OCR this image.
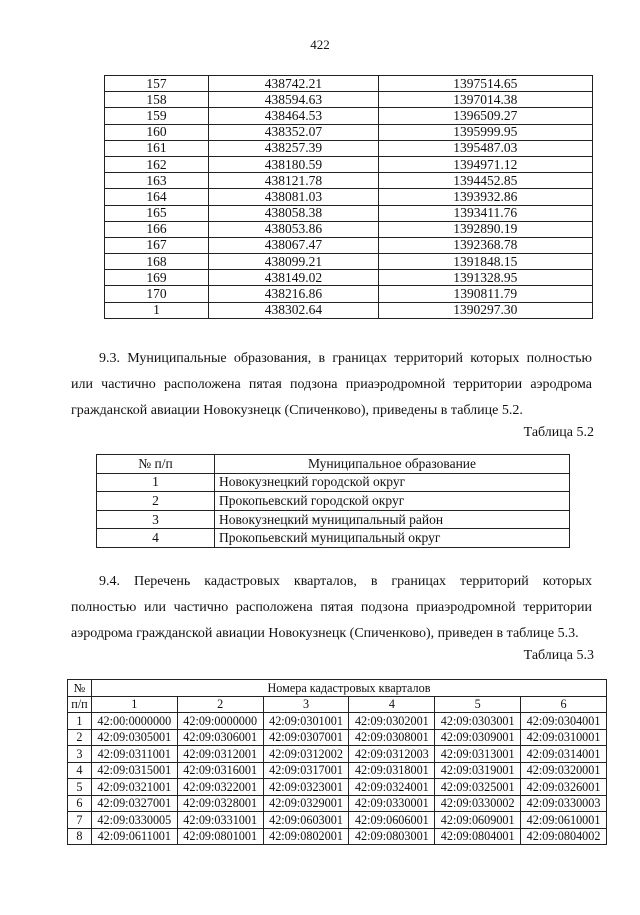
422
157	438742.21	1397514.65
158	438594.63	1397014.38
159	438464.53	1396509.27
160	438352.07	1395999.95
161	438257.39	1395487.03
162	438180.59	1394971.12
163	438121.78	1394452.85
164	438081.03	1393932.86
165	438058.38	1393411.76
166	438053.86	1392890.19
167	438067.47	1392368.78
168	438099.21	1391848.15
169	438149.02	1391328.95
170	438216.86	1390811.79
1	438302.64	1390297.30
9.3. Муниципальные образования, в границах территорий которых полностью
или частично расположена пятая подзона приаэродромной территории аэродрома
гражданской авиации Новокузнецк (Спиченково), приведены в таблице 5.2.
Таблица 5.2
№ п/п	Муниципальное образование
1	Новокузнецкий городской округ
2	Прокопьевский городской округ
3	Новокузнецкий муниципальный район
4	Прокопьевский муниципальный округ
9.4. Перечень кадастровых кварталов, в границах территорий которых
полностью или частично расположена пятая подзона приаэродромной территории
аэродрома гражданской авиации Новокузнецк (Спиченково), приведен в таблице 5.3.
Таблица 5.3
№	Номера кадастровых кварталов					
п/п	1	2	3	4	5	6
1	42:00:0000000	42:09:0000000	42:09:0301001	42:09:0302001	42:09:0303001	42:09:0304001
2	42:09:0305001	42:09:0306001	42:09:0307001	42:09:0308001	42:09:0309001	42:09:0310001
3	42:09:0311001	42:09:0312001	42:09:0312002	42:09:0312003	42:09:0313001	42:09:0314001
4	42:09:0315001	42:09:0316001	42:09:0317001	42:09:0318001	42:09:0319001	42:09:0320001
5	42:09:0321001	42:09:0322001	42:09:0323001	42:09:0324001	42:09:0325001	42:09:0326001
6	42:09:0327001	42:09:0328001	42:09:0329001	42:09:0330001	42:09:0330002	42:09:0330003
7	42:09:0330005	42:09:0331001	42:09:0603001	42:09:0606001	42:09:0609001	42:09:0610001
8	42:09:0611001	42:09:0801001	42:09:0802001	42:09:0803001	42:09:0804001	42:09:0804002
